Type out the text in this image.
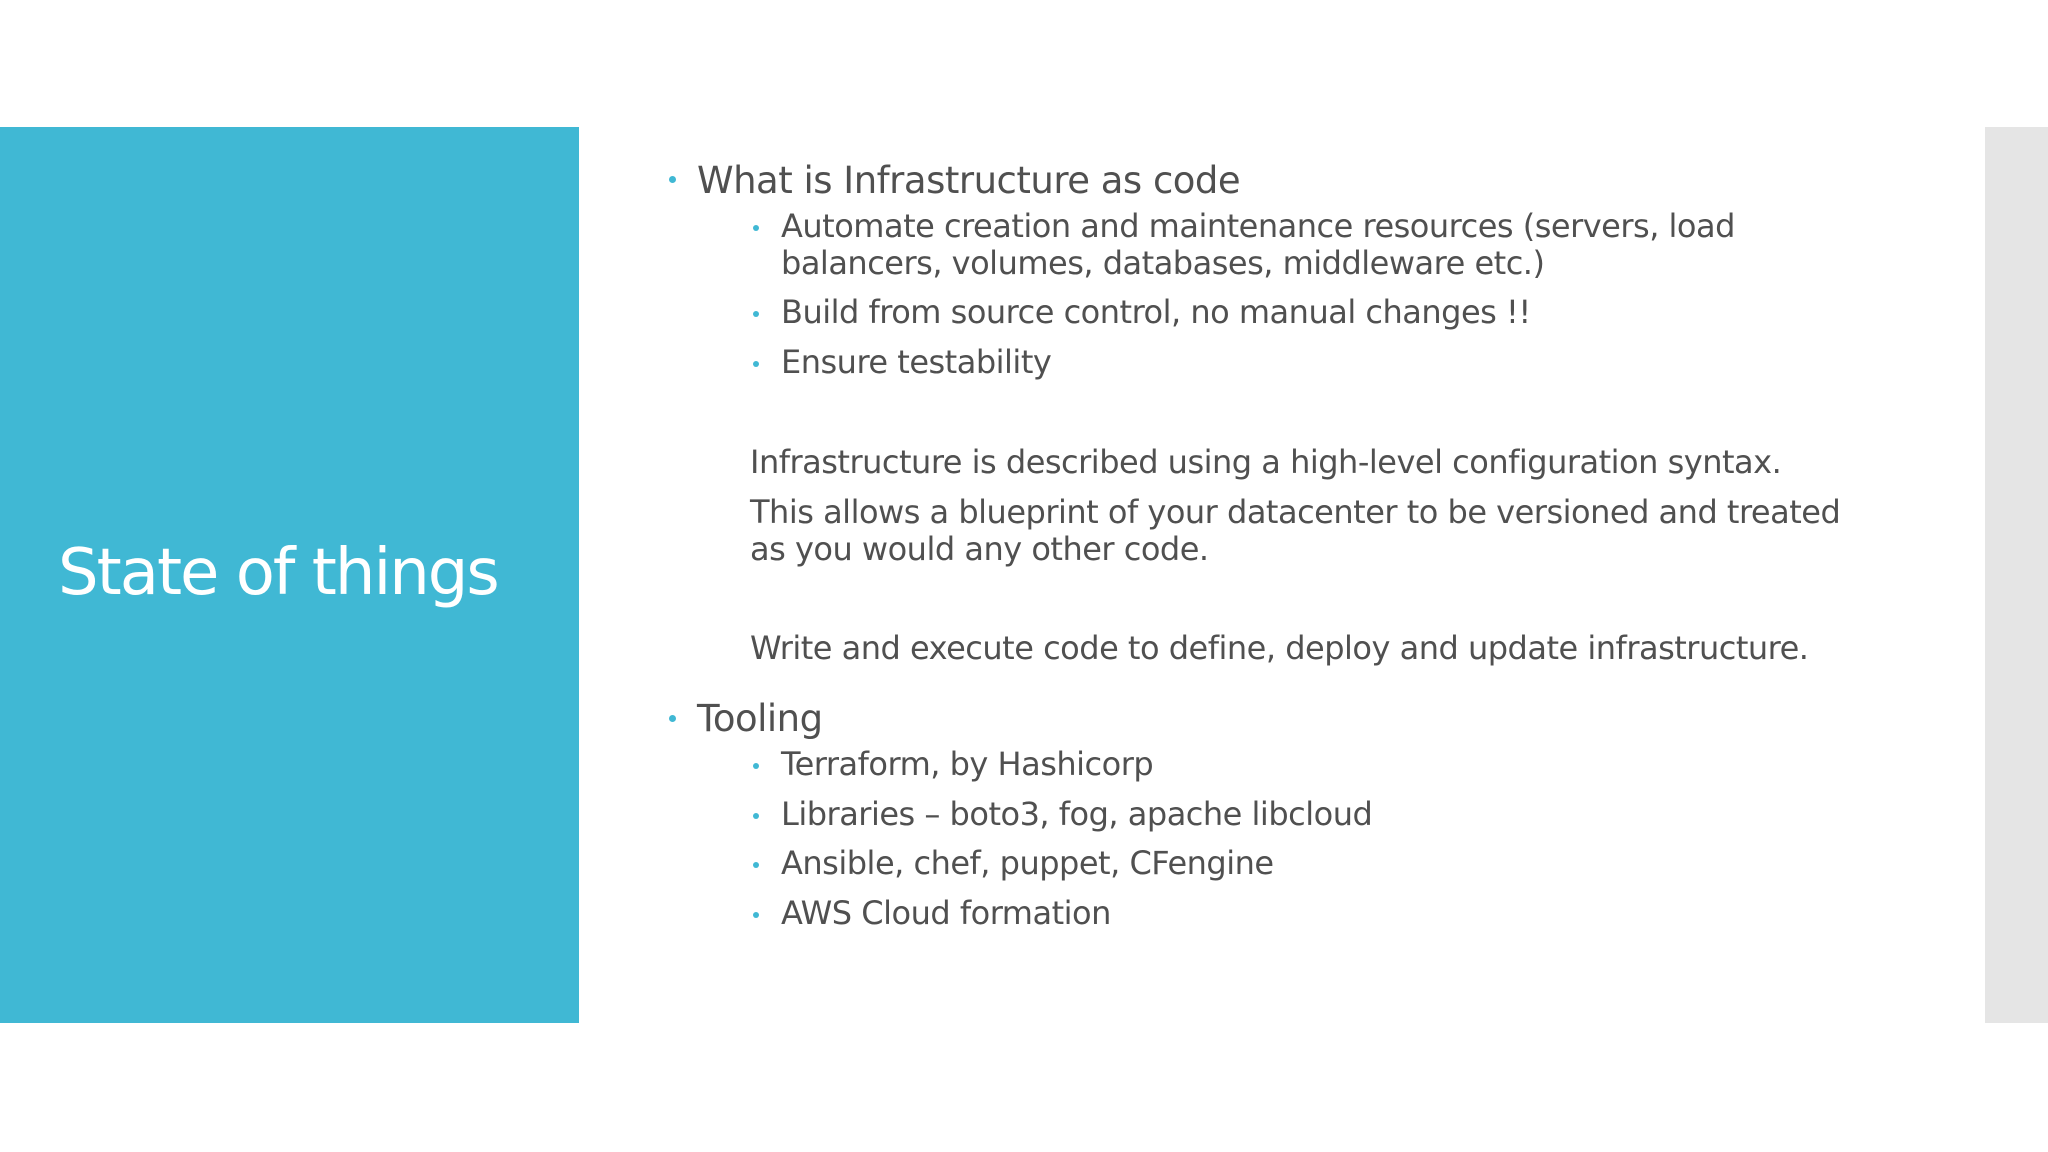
State of things

What is Infrastructure as code

Automate creation and maintenance resources (servers, load balancers, volumes, databases, middleware etc.)

Build from source control, no manual changes !!

Ensure testability

Infrastructure is described using a high-level configuration syntax.

This allows a blueprint of your datacenter to be versioned and treated as you would any other code.

Write and execute code to define, deploy and update infrastructure.

Tooling

Terraform, by Hashicorp

Libraries – boto3, fog, apache libcloud

Ansible, chef, puppet, CFengine

AWS Cloud formation
